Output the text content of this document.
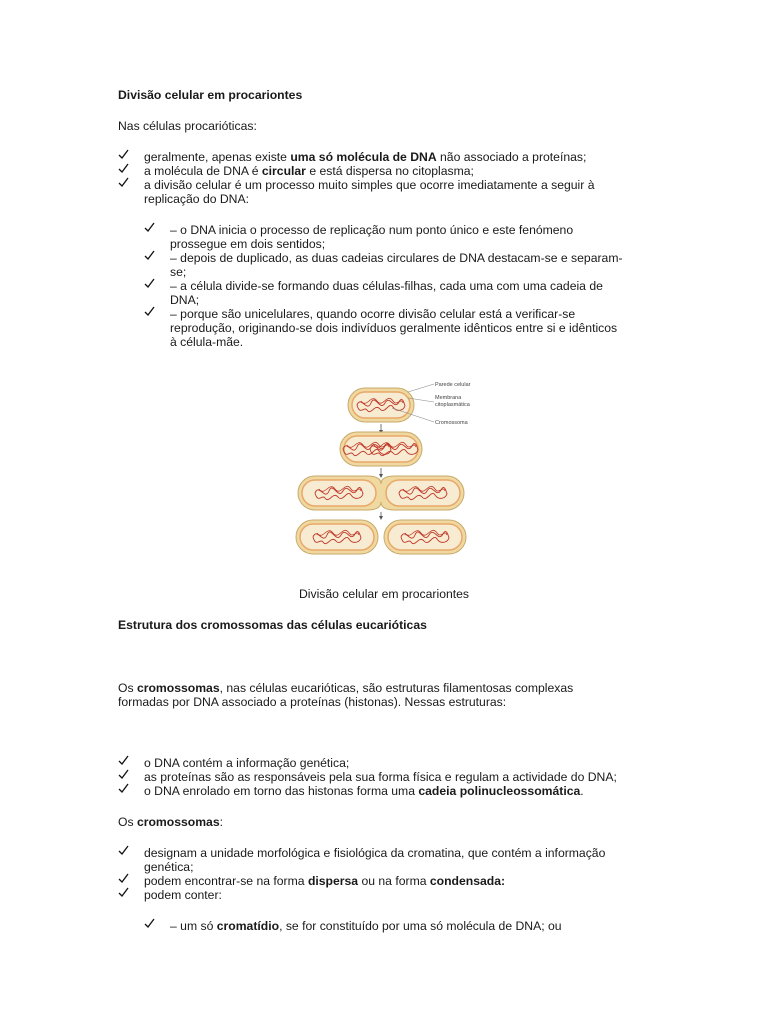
Divisão celular em procariontes
Nas células procarióticas:
geralmente, apenas existe uma só molécula de DNA não associado a proteínas;
a molécula de DNA é circular e está dispersa no citoplasma;
a divisão celular é um processo muito simples que ocorre imediatamente a seguir à
replicação do DNA:
– o DNA inicia o processo de replicação num ponto único e este fenómeno
prossegue em dois sentidos;
– depois de duplicado, as duas cadeias circulares de DNA destacam-se e separam-
se;
– a célula divide-se formando duas células-filhas, cada uma com uma cadeia de
DNA;
– porque são unicelulares, quando ocorre divisão celular está a verificar-se
reprodução, originando-se dois indivíduos geralmente idênticos entre si e idênticos
à célula-mãe.
Parede celular
Membrana
citoplasmática
Cromossoma
Divisão celular em procariontes
Estrutura dos cromossomas das células eucarióticas
Os cromossomas, nas células eucarióticas, são estruturas filamentosas complexas
formadas por DNA associado a proteínas (histonas). Nessas estruturas:
o DNA contém a informação genética;
as proteínas são as responsáveis pela sua forma física e regulam a actividade do DNA;
o DNA enrolado em torno das histonas forma uma cadeia polinucleossomática.
Os cromossomas:
designam a unidade morfológica e fisiológica da cromatina, que contém a informação
genética;
podem encontrar-se na forma dispersa ou na forma condensada:
podem conter:
– um só cromatídio, se for constituído por uma só molécula de DNA; ou
